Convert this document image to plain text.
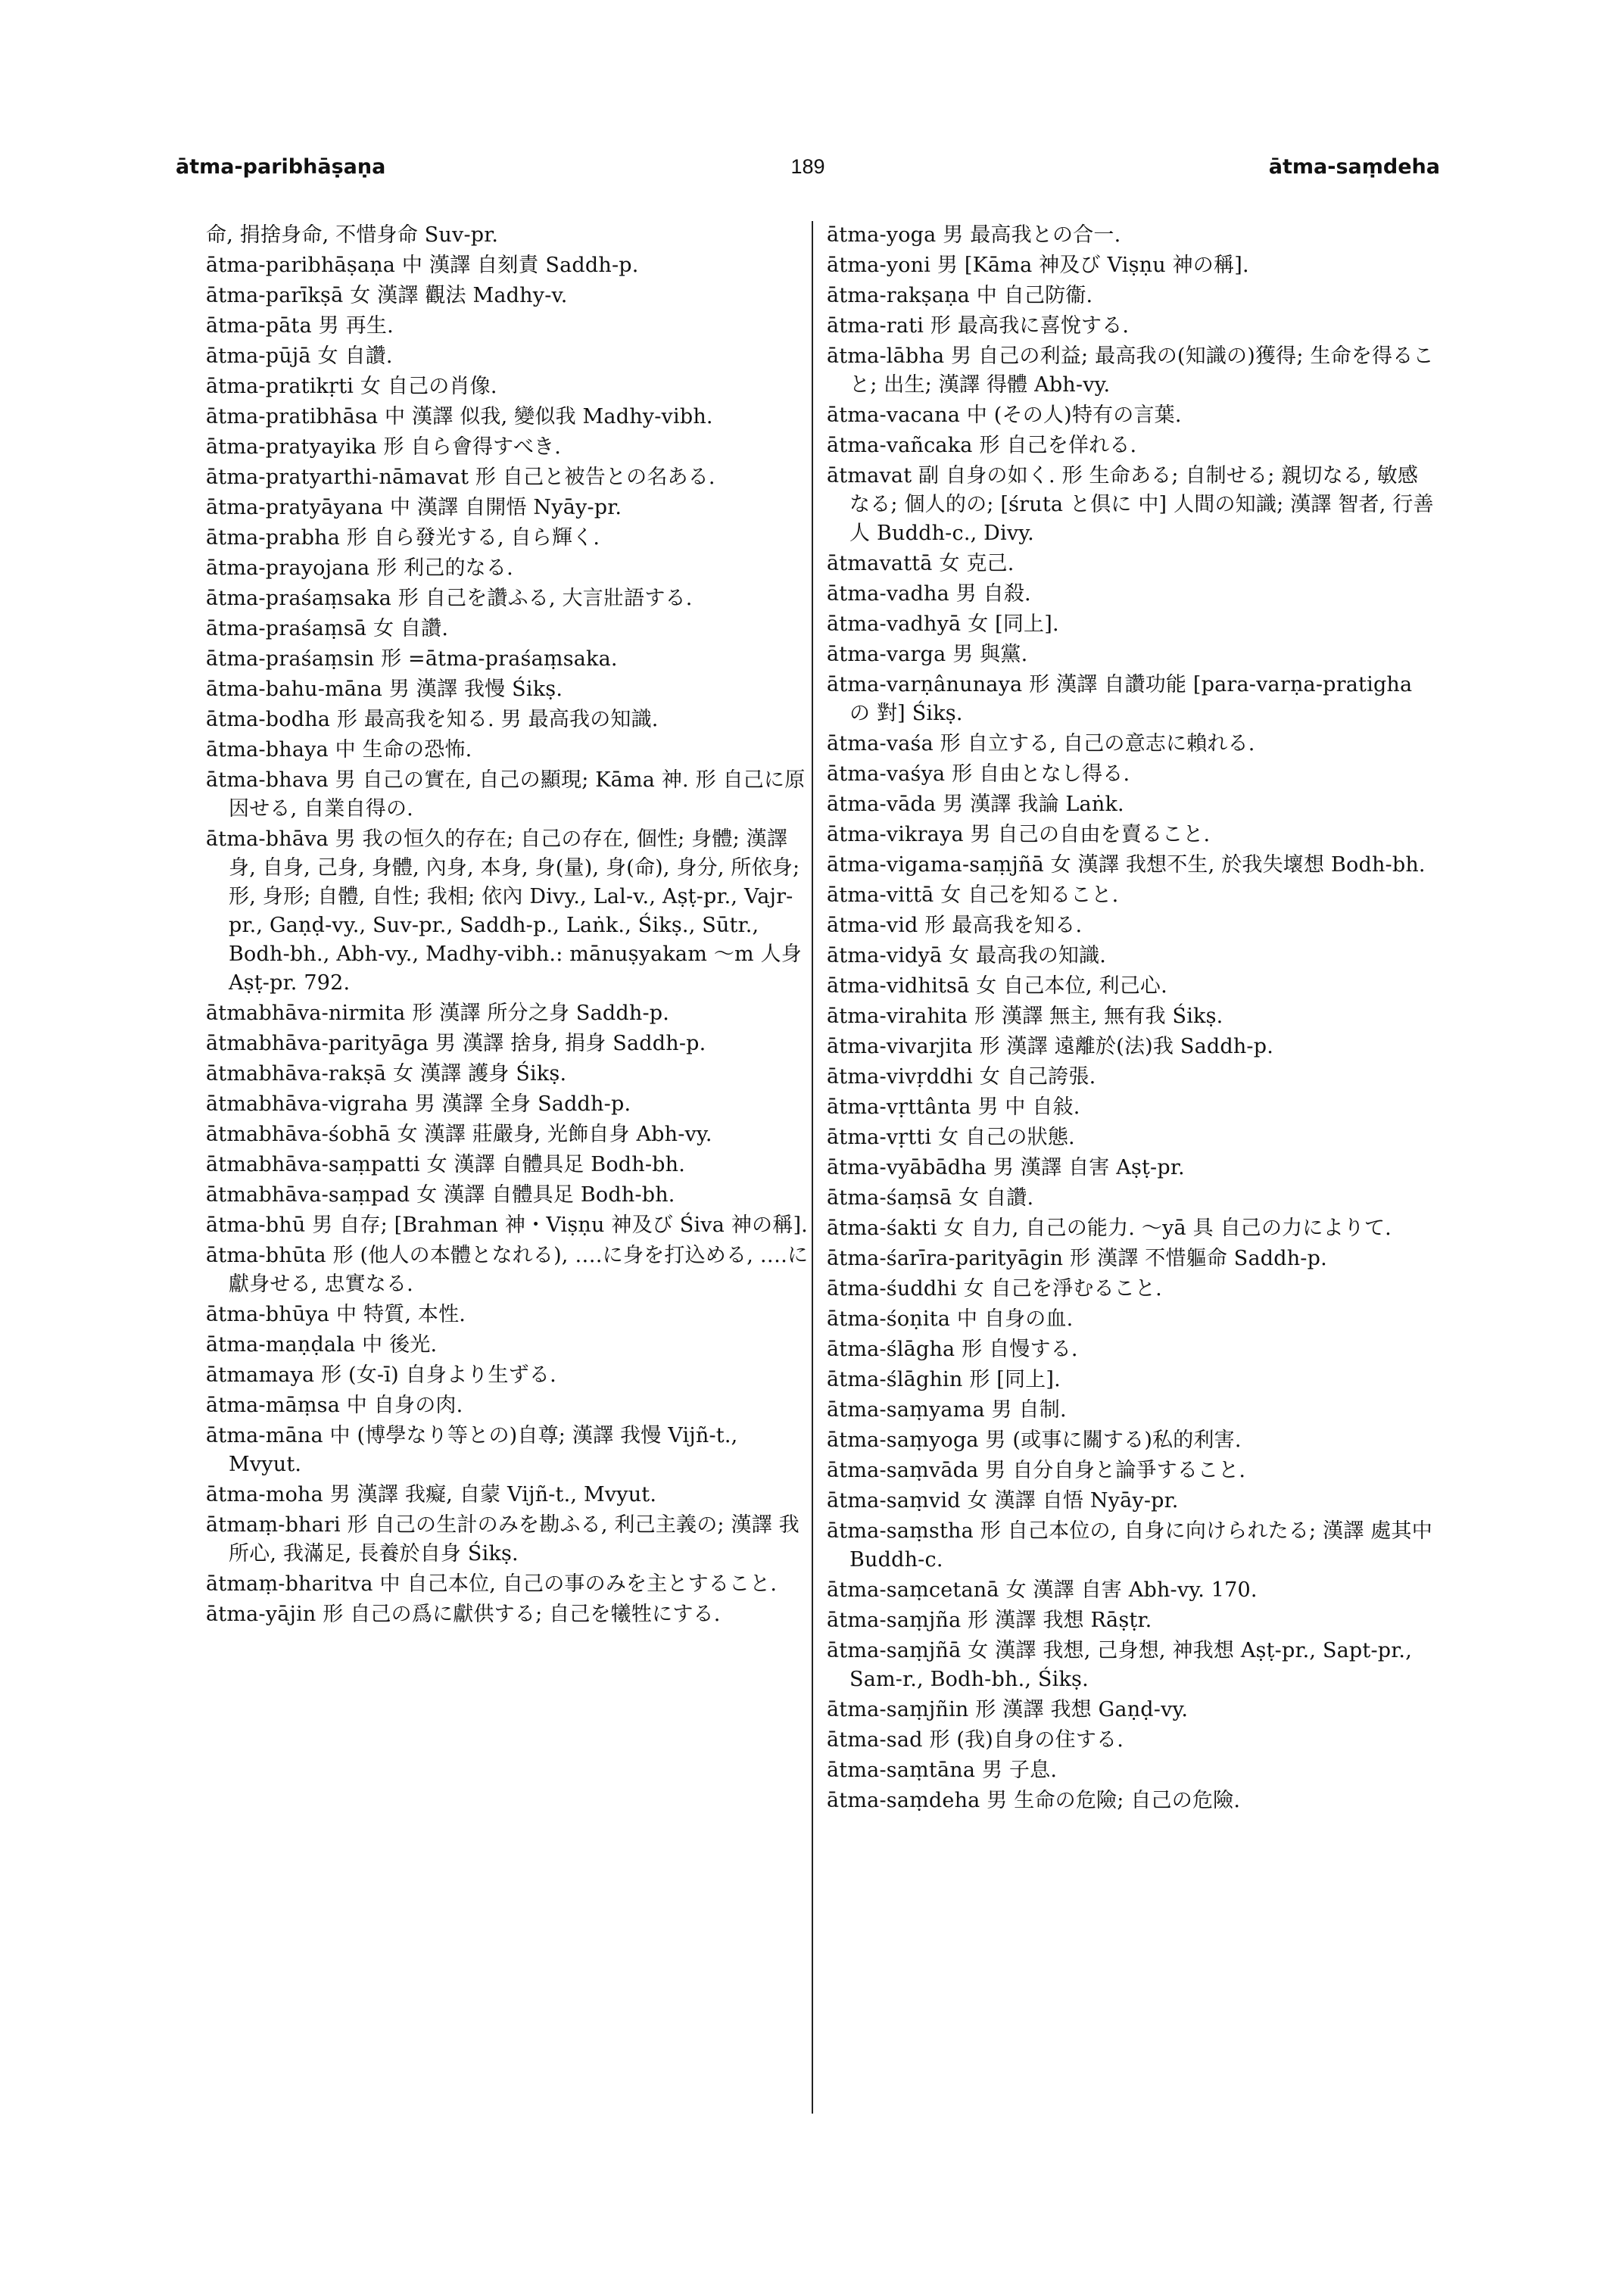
ātma-paribhāṣaṇa	189	ātma-saṃdeha

命, 捐捨身命, 不惜身命 Suv-pr.

ātma-paribhāṣaṇa 中 漢譯 自刻責 Saddh-p.

ātma-parīkṣā 女 漢譯 觀法 Madhy-v.

ātma-pāta 男 再生.

ātma-pūjā 女 自讚.

ātma-pratikṛti 女 自己の肖像.

ātma-pratibhāsa 中 漢譯 似我, 變似我 Madhy-vibh.

ātma-pratyayika 形 自ら會得すべき.

ātma-pratyarthi-nāmavat 形 自己と被告との名ある.

ātma-pratyāyana 中 漢譯 自開悟 Nyāy-pr.

ātma-prabha 形 自ら發光する, 自ら輝く.

ātma-prayojana 形 利己的なる.

ātma-praśaṃsaka 形 自己を讚ふる, 大言壯語する.

ātma-praśaṃsā 女 自讚.

ātma-praśaṃsin 形 =ātma-praśaṃsaka.

ātma-bahu-māna 男 漢譯 我慢 Śikṣ.

ātma-bodha 形 最高我を知る. 男 最高我の知識.

ātma-bhaya 中 生命の恐怖.

ātma-bhava 男 自己の實在, 自己の顯現; Kāma 神. 形 自己に原因せる, 自業自得の.

ātma-bhāva 男 我の恒久的存在; 自己の存在, 個性; 身體; 漢譯 身, 自身, 己身, 身體, 內身, 本身, 身(量), 身(命), 身分, 所依身; 形, 身形; 自體, 自性; 我相; 依內 Divy., Lal-v., Aṣṭ-pr., Vajr-pr., Gaṇḍ-vy., Suv-pr., Saddh-p., Laṅk., Śikṣ., Sūtr., Bodh-bh., Abh-vy., Madhy-vibh.: mānuṣyakam ～m 人身 Aṣṭ-pr. 792.

ātmabhāva-nirmita 形 漢譯 所分之身 Saddh-p.

ātmabhāva-parityāga 男 漢譯 捨身, 捐身 Saddh-p.

ātmabhāva-rakṣā 女 漢譯 護身 Śikṣ.

ātmabhāva-vigraha 男 漢譯 全身 Saddh-p.

ātmabhāva-śobhā 女 漢譯 莊嚴身, 光飾自身 Abh-vy.

ātmabhāva-saṃpatti 女 漢譯 自體具足 Bodh-bh.

ātmabhāva-saṃpad 女 漢譯 自體具足 Bodh-bh.

ātma-bhū 男 自存; [Brahman 神・Viṣṇu 神及び Śiva 神の稱].

ātma-bhūta 形 (他人の本體となれる), ‥‥に身を打込める, ‥‥に獻身せる, 忠實なる.

ātma-bhūya 中 特質, 本性.

ātma-maṇḍala 中 後光.

ātmamaya 形 (女-ī) 自身より生ずる.

ātma-māṃsa 中 自身の肉.

ātma-māna 中 (博學なり等との)自尊; 漢譯 我慢 Vijñ-t., Mvyut.

ātma-moha 男 漢譯 我癡, 自蒙 Vijñ-t., Mvyut.

ātmaṃ-bhari 形 自己の生計のみを勘ふる, 利己主義の; 漢譯 我所心, 我滿足, 長養於自身 Śikṣ.

ātmaṃ-bharitva 中 自己本位, 自己の事のみを主とすること.

ātma-yājin 形 自己の爲に獻供する; 自己を犧牲にする.

ātma-yoga 男 最高我との合一.

ātma-yoni 男 [Kāma 神及び Viṣṇu 神の稱].

ātma-rakṣaṇa 中 自己防衞.

ātma-rati 形 最高我に喜悅する.

ātma-lābha 男 自己の利益; 最高我の(知識の)獲得; 生命を得ること; 出生; 漢譯 得體 Abh-vy.

ātma-vacana 中 (その人)特有の言葉.

ātma-vañcaka 形 自己を佯れる.

ātmavat 副 自身の如く. 形 生命ある; 自制せる; 親切なる, 敏感なる; 個人的の; [śruta と倶に 中] 人間の知識; 漢譯 智者, 行善人 Buddh-c., Divy.

ātmavattā 女 克己.

ātma-vadha 男 自殺.

ātma-vadhyā 女 [同上].

ātma-varga 男 與黨.

ātma-varṇânunaya 形 漢譯 自讚功能 [para-varṇa-pratigha の 對] Śikṣ.

ātma-vaśa 形 自立する, 自己の意志に賴れる.

ātma-vaśya 形 自由となし得る.

ātma-vāda 男 漢譯 我論 Laṅk.

ātma-vikraya 男 自己の自由を賣ること.

ātma-vigama-saṃjñā 女 漢譯 我想不生, 於我失壞想 Bodh-bh.

ātma-vittā 女 自己を知ること.

ātma-vid 形 最高我を知る.

ātma-vidyā 女 最高我の知識.

ātma-vidhitsā 女 自己本位, 利己心.

ātma-virahita 形 漢譯 無主, 無有我 Śikṣ.

ātma-vivarjita 形 漢譯 遠離於(法)我 Saddh-p.

ātma-vivṛddhi 女 自己誇張.

ātma-vṛttânta 男 中 自敍.

ātma-vṛtti 女 自己の狀態.

ātma-vyābādha 男 漢譯 自害 Aṣṭ-pr.

ātma-śaṃsā 女 自讚.

ātma-śakti 女 自力, 自己の能力. ～yā 具 自己の力によりて.

ātma-śarīra-parityāgin 形 漢譯 不惜軀命 Saddh-p.

ātma-śuddhi 女 自己を淨むること.

ātma-śoṇita 中 自身の血.

ātma-ślāgha 形 自慢する.

ātma-ślāghin 形 [同上].

ātma-saṃyama 男 自制.

ātma-saṃyoga 男 (或事に關する)私的利害.

ātma-saṃvāda 男 自分自身と論爭すること.

ātma-saṃvid 女 漢譯 自悟 Nyāy-pr.

ātma-saṃstha 形 自己本位の, 自身に向けられたる; 漢譯 處其中 Buddh-c.

ātma-saṃcetanā 女 漢譯 自害 Abh-vy. 170.

ātma-saṃjña 形 漢譯 我想 Rāṣṭr.

ātma-saṃjñā 女 漢譯 我想, 己身想, 神我想 Aṣṭ-pr., Sapt-pr., Sam-r., Bodh-bh., Śikṣ.

ātma-saṃjñin 形 漢譯 我想 Gaṇḍ-vy.

ātma-sad 形 (我)自身の住する.

ātma-saṃtāna 男 子息.

ātma-saṃdeha 男 生命の危險; 自己の危險.
